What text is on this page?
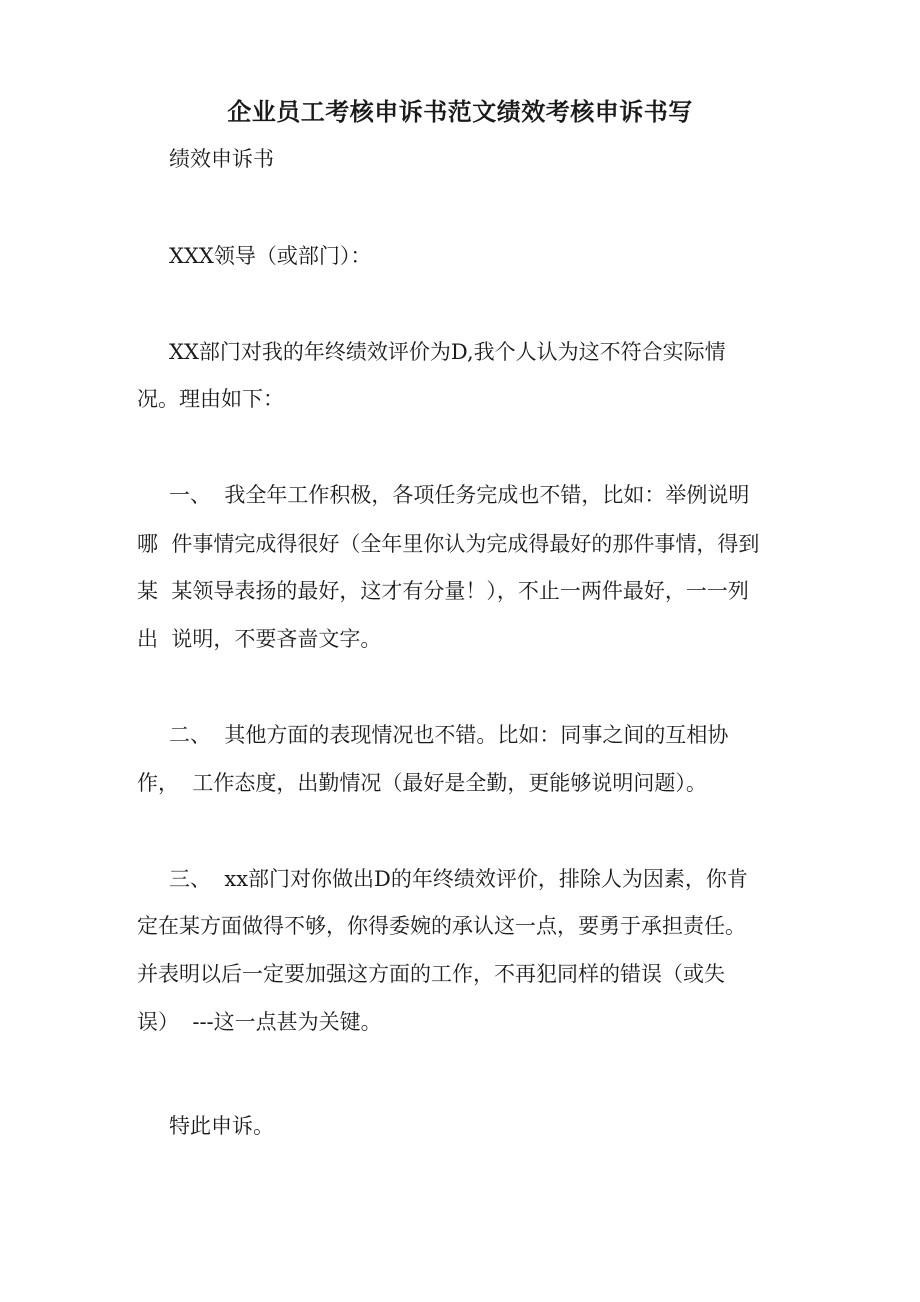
企业员工考核申诉书范文绩效考核申诉书写
绩效申诉书
XXX领导（或部门）：
XX部门对我的年终绩效评价为D,我个人认为这不符合实际情
况。理由如下：
一、  我全年工作积极，各项任务完成也不错，比如：举例说明
哪  件事情完成得很好（全年里你认为完成得最好的那件事情，得到
某  某领导表扬的最好，这才有分量！），不止一两件最好，一一列
出  说明，不要吝啬文字。
二、  其他方面的表现情况也不错。比如：同事之间的互相协
作，  工作态度，出勤情况（最好是全勤，更能够说明问题）。
三、  xx部门对你做出D的年终绩效评价，排除人为因素，你肯
定在某方面做得不够，你得委婉的承认这一点，要勇于承担责任。
并表明以后一定要加强这方面的工作，不再犯同样的错误（或失
误）  ---这一点甚为关键。
特此申诉。
